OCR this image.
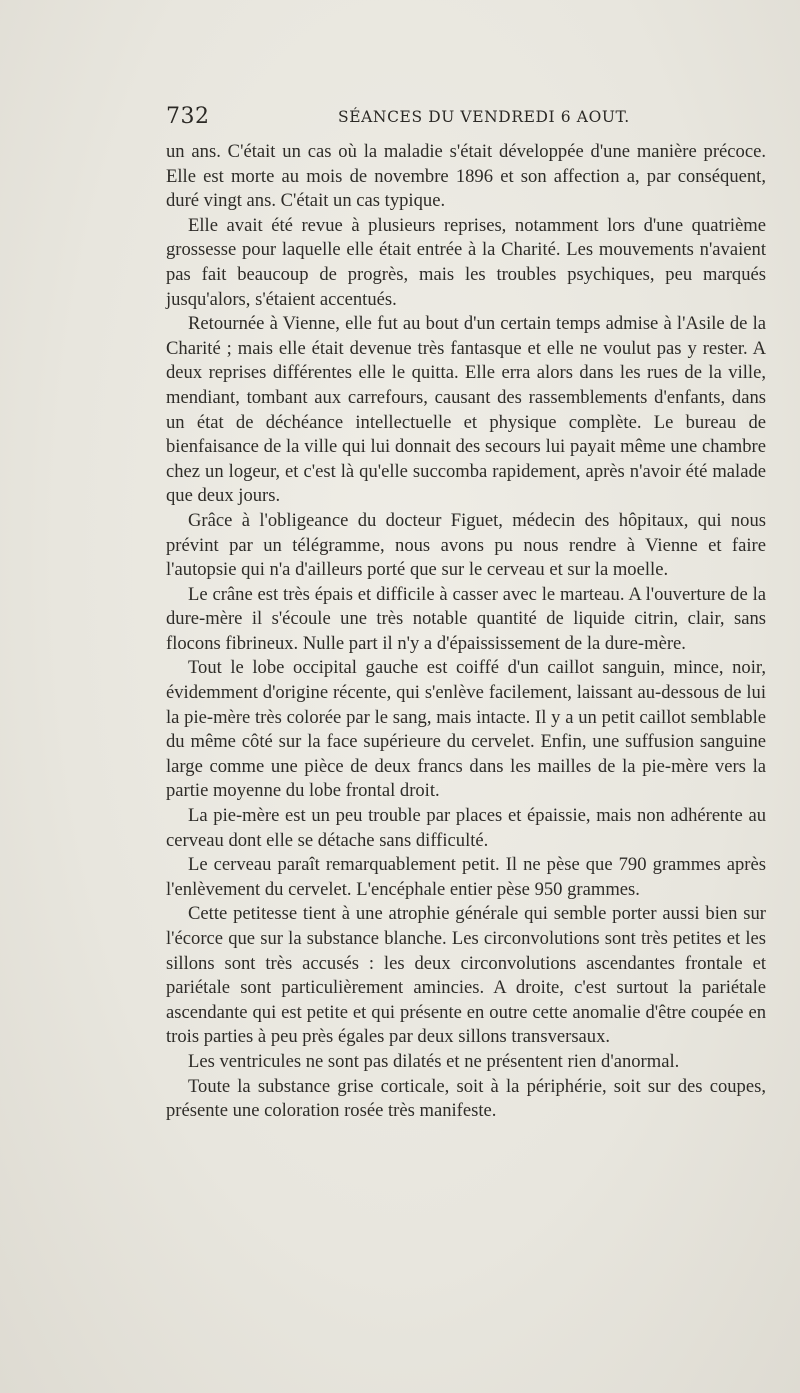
732	SÉANCES DU VENDREDI 6 AOUT.

un ans. C'était un cas où la maladie s'était développée d'une manière précoce. Elle est morte au mois de novembre 1896 et son affection a, par conséquent, duré vingt ans. C'était un cas typique.

Elle avait été revue à plusieurs reprises, notamment lors d'une quatrième grossesse pour laquelle elle était entrée à la Charité. Les mouvements n'avaient pas fait beaucoup de progrès, mais les troubles psychiques, peu marqués jusqu'alors, s'étaient accentués.

Retournée à Vienne, elle fut au bout d'un certain temps admise à l'Asile de la Charité ; mais elle était devenue très fantasque et elle ne voulut pas y rester. A deux reprises différentes elle le quitta. Elle erra alors dans les rues de la ville, mendiant, tombant aux carrefours, causant des rassemblements d'enfants, dans un état de déchéance intellectuelle et physique complète. Le bureau de bienfaisance de la ville qui lui donnait des secours lui payait même une chambre chez un logeur, et c'est là qu'elle succomba rapidement, après n'avoir été malade que deux jours.

Grâce à l'obligeance du docteur Figuet, médecin des hôpitaux, qui nous prévint par un télégramme, nous avons pu nous rendre à Vienne et faire l'autopsie qui n'a d'ailleurs porté que sur le cerveau et sur la moelle.

Le crâne est très épais et difficile à casser avec le marteau. A l'ouverture de la dure-mère il s'écoule une très notable quantité de liquide citrin, clair, sans flocons fibrineux. Nulle part il n'y a d'épaississement de la dure-mère.

Tout le lobe occipital gauche est coiffé d'un caillot sanguin, mince, noir, évidemment d'origine récente, qui s'enlève facilement, laissant au-dessous de lui la pie-mère très colorée par le sang, mais intacte. Il y a un petit caillot semblable du même côté sur la face supérieure du cervelet. Enfin, une suffusion sanguine large comme une pièce de deux francs dans les mailles de la pie-mère vers la partie moyenne du lobe frontal droit.

La pie-mère est un peu trouble par places et épaissie, mais non adhérente au cerveau dont elle se détache sans difficulté.

Le cerveau paraît remarquablement petit. Il ne pèse que 790 grammes après l'enlèvement du cervelet. L'encéphale entier pèse 950 grammes.

Cette petitesse tient à une atrophie générale qui semble porter aussi bien sur l'écorce que sur la substance blanche. Les circonvolutions sont très petites et les sillons sont très accusés : les deux circonvolutions ascendantes frontale et pariétale sont particulièrement amincies. A droite, c'est surtout la pariétale ascendante qui est petite et qui présente en outre cette anomalie d'être coupée en trois parties à peu près égales par deux sillons transversaux.

Les ventricules ne sont pas dilatés et ne présentent rien d'anormal.

Toute la substance grise corticale, soit à la périphérie, soit sur des coupes, présente une coloration rosée très manifeste.
